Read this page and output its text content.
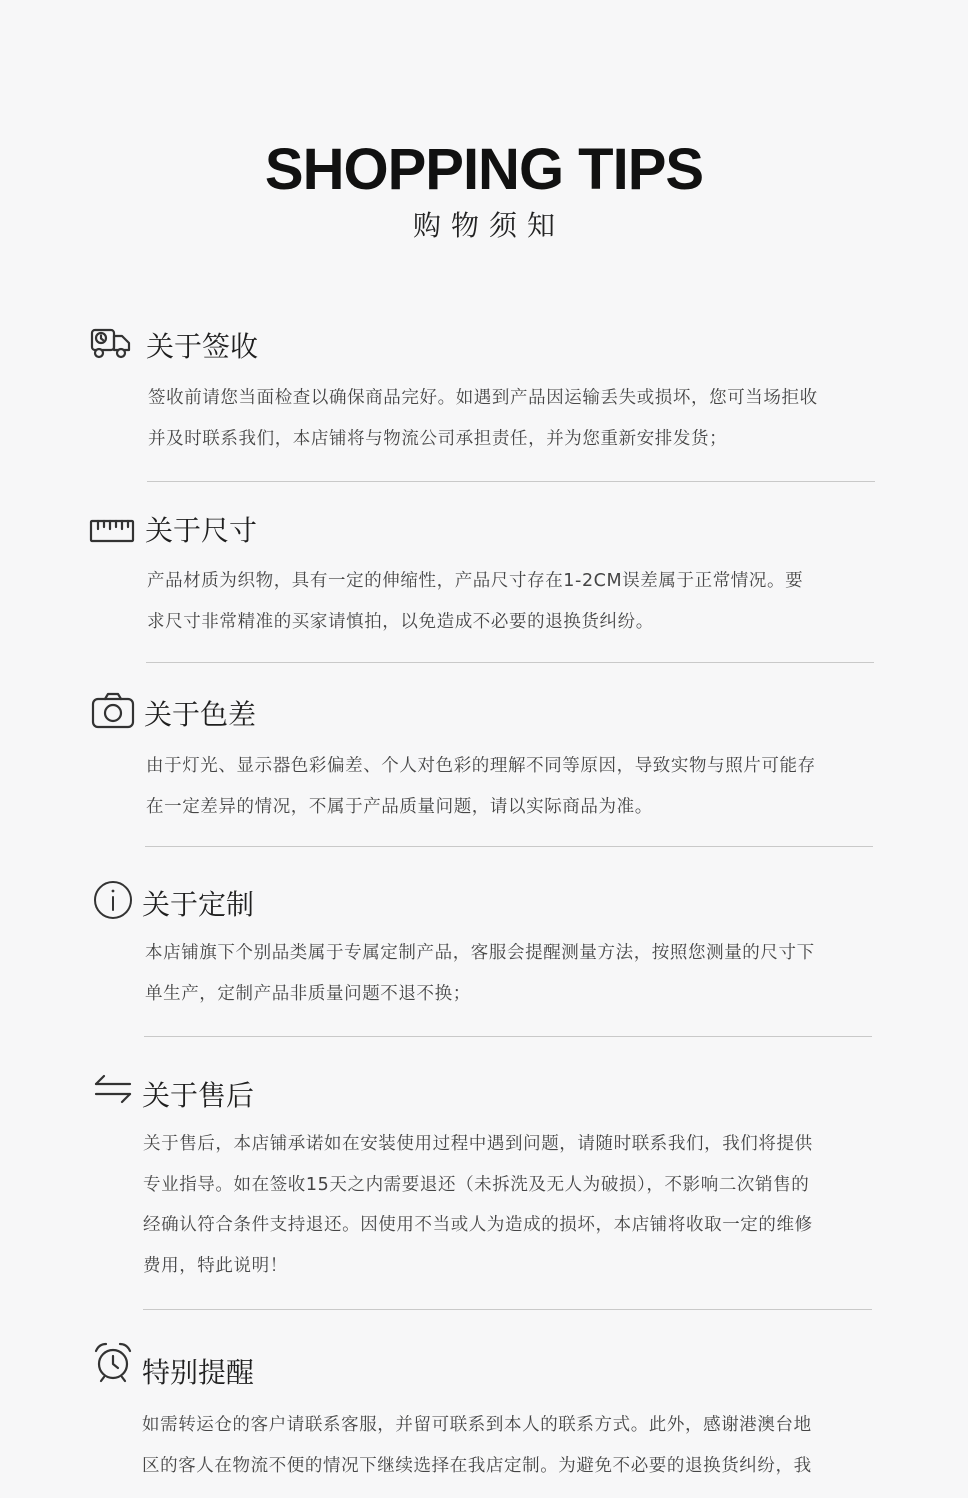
SHOPPING TIPS
购物须知
关于签收
签收前请您当面检查以确保商品完好。如遇到产品因运输丢失或损坏，您可当场拒收
并及时联系我们，本店铺将与物流公司承担责任，并为您重新安排发货；
关于尺寸
产品材质为织物，具有一定的伸缩性，产品尺寸存在1-2CM误差属于正常情况。要
求尺寸非常精准的买家请慎拍，以免造成不必要的退换货纠纷。
关于色差
由于灯光、显示器色彩偏差、个人对色彩的理解不同等原因，导致实物与照片可能存
在一定差异的情况，不属于产品质量问题，请以实际商品为准。
关于定制
本店铺旗下个别品类属于专属定制产品，客服会提醒测量方法，按照您测量的尺寸下
单生产，定制产品非质量问题不退不换；
关于售后
关于售后，本店铺承诺如在安装使用过程中遇到问题，请随时联系我们，我们将提供
专业指导。如在签收15天之内需要退还（未拆洗及无人为破损），不影响二次销售的
经确认符合条件支持退还。因使用不当或人为造成的损坏，本店铺将收取一定的维修
费用，特此说明！
特别提醒
如需转运仓的客户请联系客服，并留可联系到本人的联系方式。此外，感谢港澳台地
区的客人在物流不便的情况下继续选择在我店定制。为避免不必要的退换货纠纷，我
